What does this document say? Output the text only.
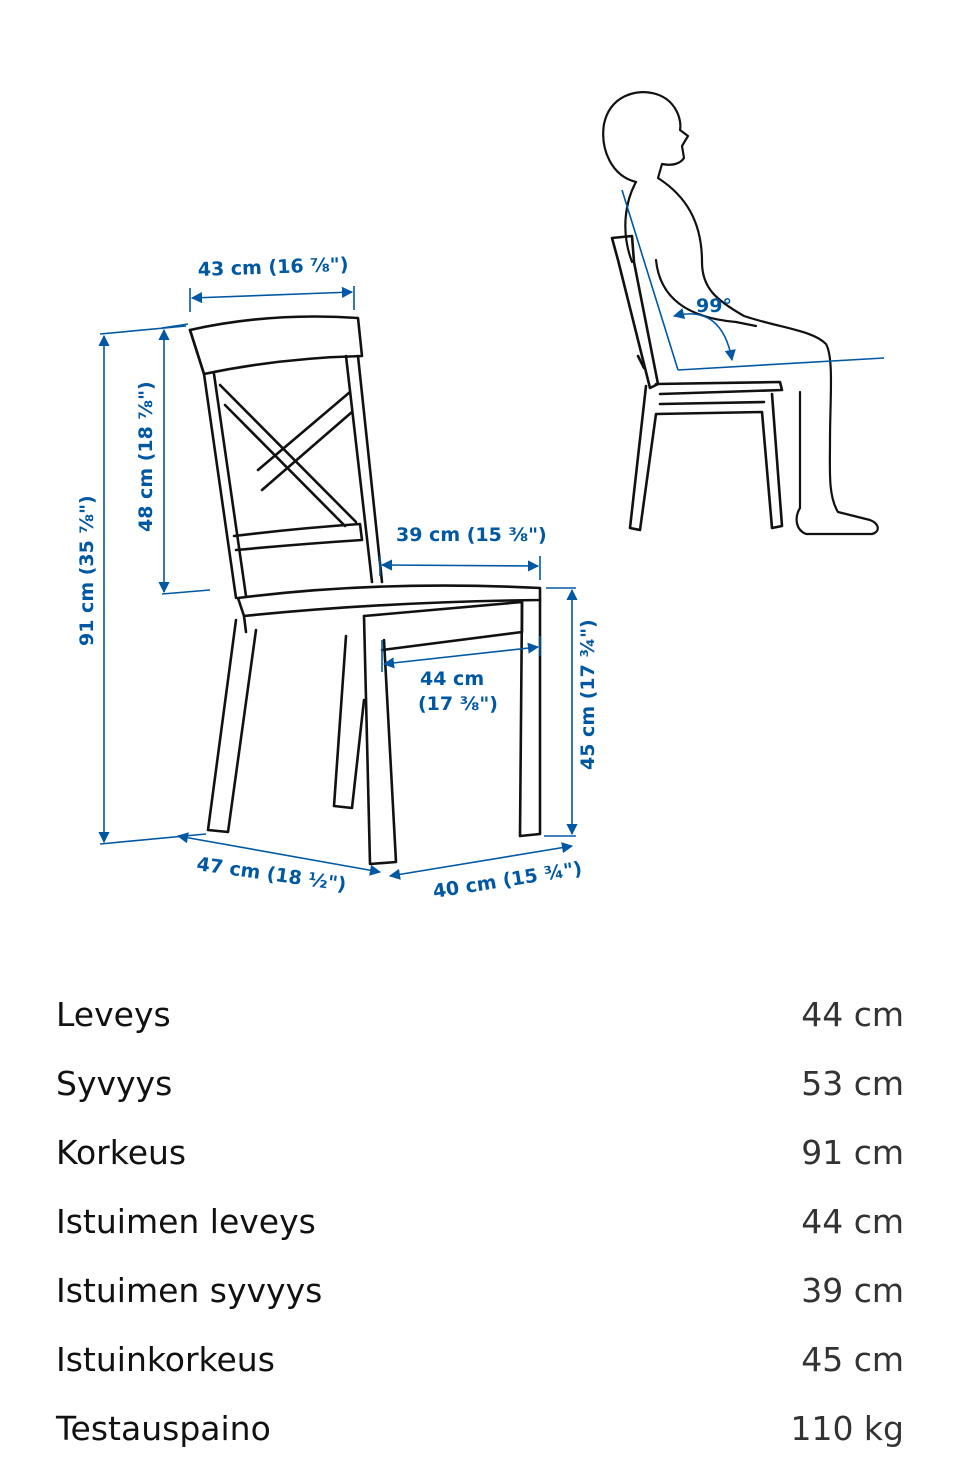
43 cm (16 ⅞")
48 cm (18 ⅞")
91 cm (35 ⅞")	39 cm (15 ⅜")
44 cm
(17 ⅜")	45 cm (17 ¾")
47 cm (18 ½")	40 cm (15 ¾")
99°
Leveys	44 cm
Syvyys	53 cm
Korkeus	91 cm
Istuimen leveys	44 cm
Istuimen syvyys	39 cm
Istuinkorkeus	45 cm
Testauspaino	110 kg
